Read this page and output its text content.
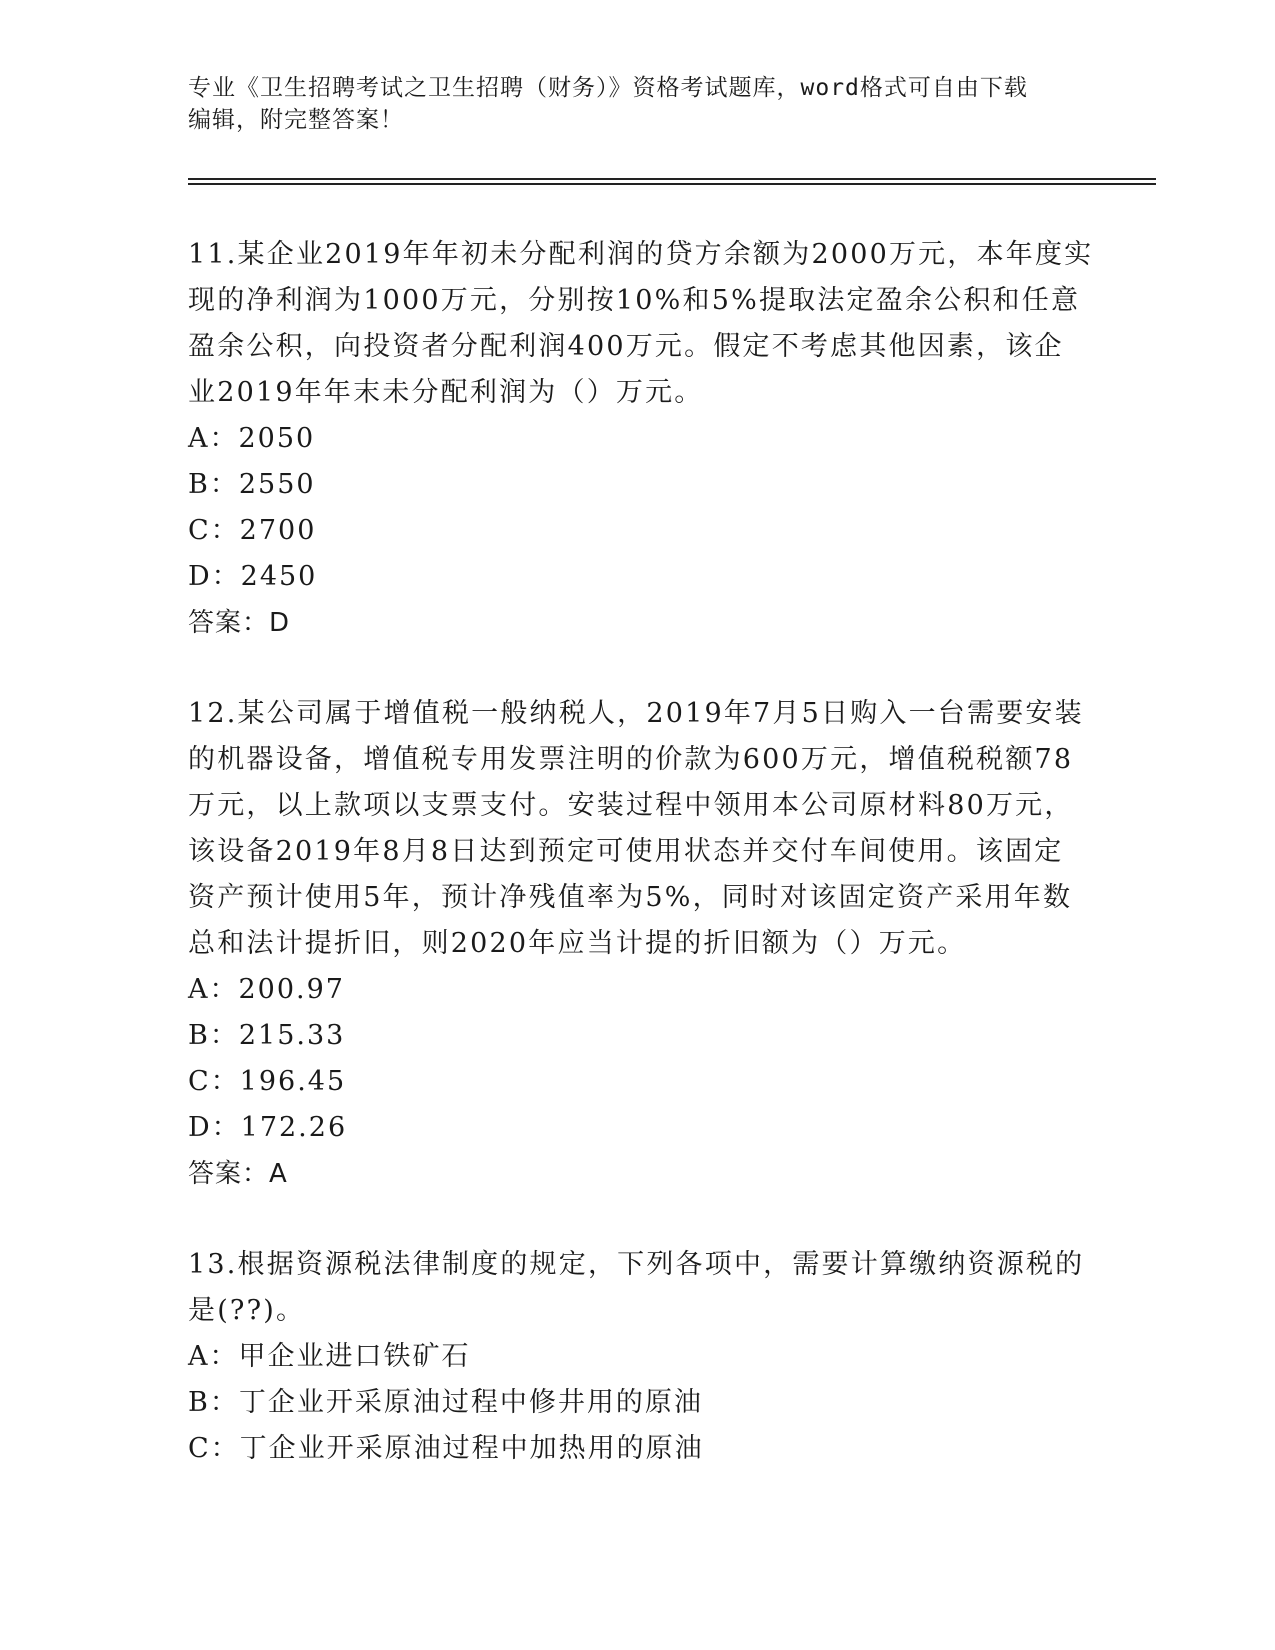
专业《卫生招聘考试之卫生招聘（财务）》资格考试题库，word格式可自由下载
编辑，附完整答案！
11.某企业2019年年初未分配利润的贷方余额为2000万元，本年度实
现的净利润为1000万元，分别按10%和5%提取法定盈余公积和任意
盈余公积，向投资者分配利润400万元。假定不考虑其他因素，该企
业2019年年末未分配利润为（）万元。
A：2050
B：2550
C：2700
D：2450
答案：D
12.某公司属于增值税一般纳税人，2019年7月5日购入一台需要安装
的机器设备，增值税专用发票注明的价款为600万元，增值税税额78
万元，以上款项以支票支付。安装过程中领用本公司原材料80万元，
该设备2019年8月8日达到预定可使用状态并交付车间使用。该固定
资产预计使用5年，预计净残值率为5%，同时对该固定资产采用年数
总和法计提折旧，则2020年应当计提的折旧额为（）万元。
A：200.97
B：215.33
C：196.45
D：172.26
答案：A
13.根据资源税法律制度的规定，下列各项中，需要计算缴纳资源税的
是(??)。
A：甲企业进口铁矿石
B：丁企业开采原油过程中修井用的原油
C：丁企业开采原油过程中加热用的原油
